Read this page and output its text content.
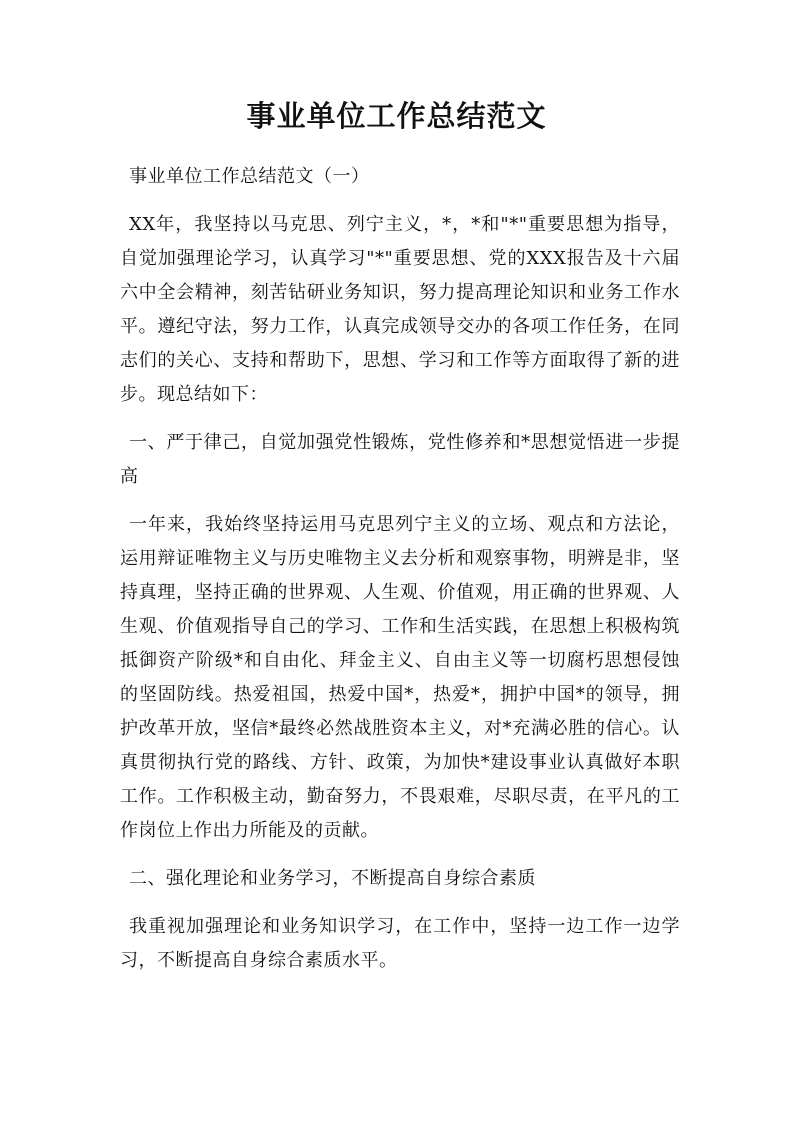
事业单位工作总结范文

事业单位工作总结范文（一）

XX年，我坚持以马克思、列宁主义，*，*和"*"重要思想为指导，自觉加强理论学习，认真学习"*"重要思想、党的XXX报告及十六届六中全会精神，刻苦钻研业务知识，努力提高理论知识和业务工作水平。遵纪守法，努力工作，认真完成领导交办的各项工作任务，在同志们的关心、支持和帮助下，思想、学习和工作等方面取得了新的进步。现总结如下：

一、严于律己，自觉加强党性锻炼，党性修养和*思想觉悟进一步提高

一年来，我始终坚持运用马克思列宁主义的立场、观点和方法论，运用辩证唯物主义与历史唯物主义去分析和观察事物，明辨是非，坚持真理，坚持正确的世界观、人生观、价值观，用正确的世界观、人生观、价值观指导自己的学习、工作和生活实践，在思想上积极构筑抵御资产阶级*和自由化、拜金主义、自由主义等一切腐朽思想侵蚀的坚固防线。热爱祖国，热爱中国*，热爱*，拥护中国*的领导，拥护改革开放，坚信*最终必然战胜资本主义，对*充满必胜的信心。认真贯彻执行党的路线、方针、政策，为加快*建设事业认真做好本职工作。工作积极主动，勤奋努力，不畏艰难，尽职尽责，在平凡的工作岗位上作出力所能及的贡献。

二、强化理论和业务学习，不断提高自身综合素质

我重视加强理论和业务知识学习，在工作中，坚持一边工作一边学习，不断提高自身综合素质水平。
